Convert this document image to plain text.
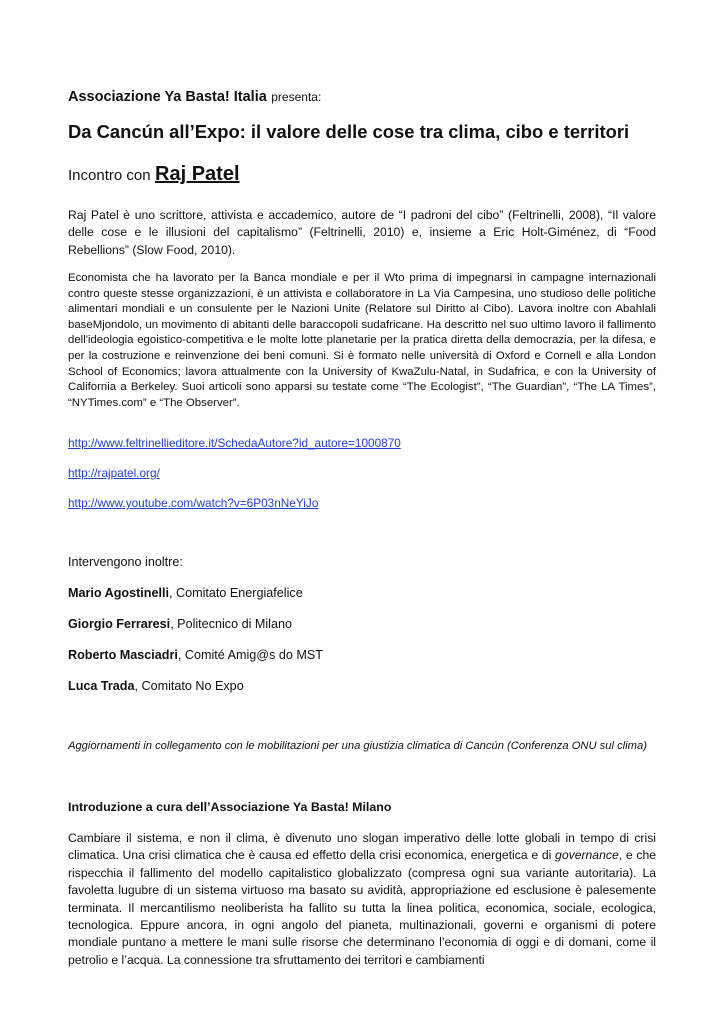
Associazione Ya Basta! Italia presenta:
Da Cancún all’Expo: il valore delle cose tra clima, cibo e territori
Incontro con Raj Patel

Raj Patel è uno scrittore, attivista e accademico, autore de “I padroni del cibo” (Feltrinelli, 2008), “Il valore delle cose e le illusioni del capitalismo” (Feltrinelli, 2010) e, insieme a Eric Holt-Giménez, di “Food Rebellions” (Slow Food, 2010).

Economista che ha lavorato per la Banca mondiale e per il Wto prima di impegnarsi in campagne internazionali contro queste stesse organizzazioni, è un attivista e collaboratore in La Via Campesina, uno studioso delle politiche alimentari mondiali e un consulente per le Nazioni Unite (Relatore sul Diritto al Cibo). Lavora inoltre con Abahlali baseMjondolo, un movimento di abitanti delle baraccopoli sudafricane. Ha descritto nel suo ultimo lavoro il fallimento dell'ideologia egoistico-competitiva e le molte lotte planetarie per la pratica diretta della democrazia, per la difesa, e per la costruzione e reinvenzione dei beni comuni. Si è formato nelle università di Oxford e Cornell e alla London School of Economics; lavora attualmente con la University of KwaZulu-Natal, in Sudafrica, e con la University of California a Berkeley. Suoi articoli sono apparsi su testate come “The Ecologist”, “The Guardian”, “The LA Times”, “NYTimes.com” e “The Observer”.

http://www.feltrinellieditore.it/SchedaAutore?id_autore=1000870
http://rajpatel.org/
http://www.youtube.com/watch?v=6P03nNeYiJo
Intervengono inoltre:
Mario Agostinelli, Comitato Energiafelice
Giorgio Ferraresi, Politecnico di Milano
Roberto Masciadri, Comité Amig@s do MST
Luca Trada, Comitato No Expo
Aggiornamenti in collegamento con le mobilitazioni per una giustizia climatica di Cancún (Conferenza ONU sul clima)
Introduzione a cura dell’Associazione Ya Basta! Milano

Cambiare il sistema, e non il clima, è divenuto uno slogan imperativo delle lotte globali in tempo di crisi climatica. Una crisi climatica che è causa ed effetto della crisi economica, energetica e di governance, e che rispecchia il fallimento del modello capitalistico globalizzato (compresa ogni sua variante autoritaria). La favoletta lugubre di un sistema virtuoso ma basato su avidità, appropriazione ed esclusione è palesemente terminata. Il mercantilismo neoliberista ha fallito su tutta la linea politica, economica, sociale, ecologica, tecnologica. Eppure ancora, in ogni angolo del pianeta, multinazionali, governi e organismi di potere mondiale puntano a mettere le mani sulle risorse che determinano l’economia di oggi e di domani, come il petrolio e l’acqua. La connessione tra sfruttamento dei territori e cambiamenti
